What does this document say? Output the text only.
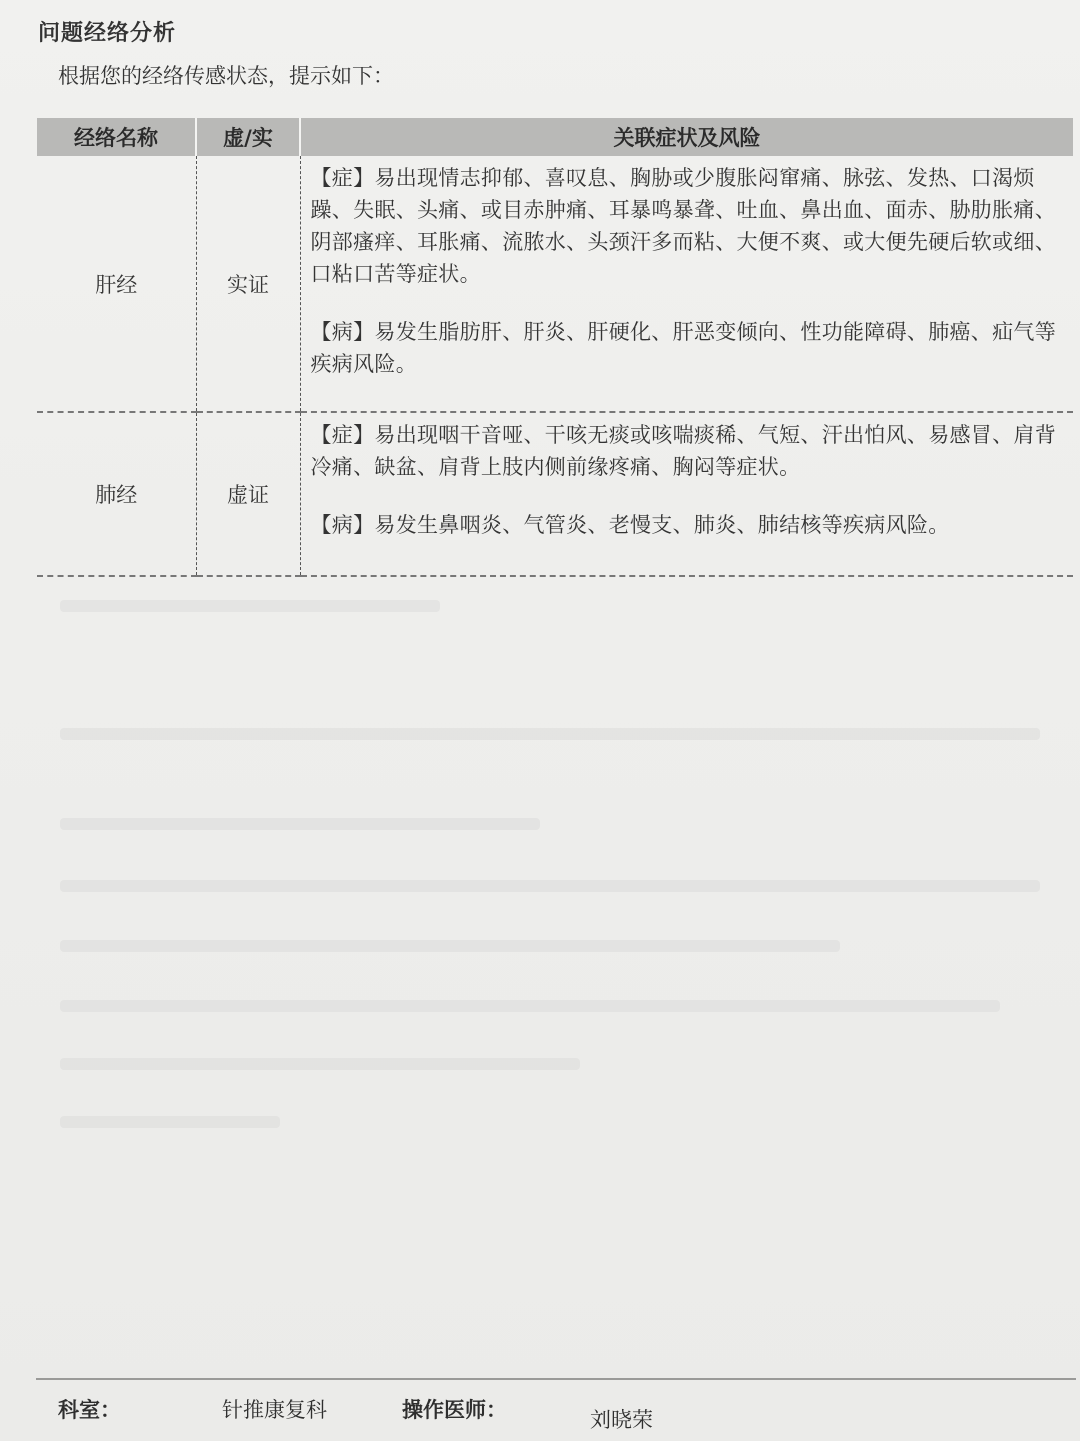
问题经络分析
根据您的经络传感状态，提示如下：
经络名称	虚/实	关联症状及风险
肝经	实证	【症】易出现情志抑郁、喜叹息、胸胁或少腹胀闷窜痛、脉弦、发热、口渴烦躁、失眠、头痛、或目赤肿痛、耳暴鸣暴聋、吐血、鼻出血、面赤、胁肋胀痛、阴部瘙痒、耳胀痛、流脓水、头颈汗多而粘、大便不爽、或大便先硬后软或细、口粘口苦等症状。
【病】易发生脂肪肝、肝炎、肝硬化、肝恶变倾向、性功能障碍、肺癌、疝气等疾病风险。

肺经	虚证	【症】易出现咽干音哑、干咳无痰或咳喘痰稀、气短、汗出怕风、易感冒、肩背冷痛、缺盆、肩背上肢内侧前缘疼痛、胸闷等症状。
【病】易发生鼻咽炎、气管炎、老慢支、肺炎、肺结核等疾病风险。
科室：	针推康复科	操作医师：	刘晓荣
